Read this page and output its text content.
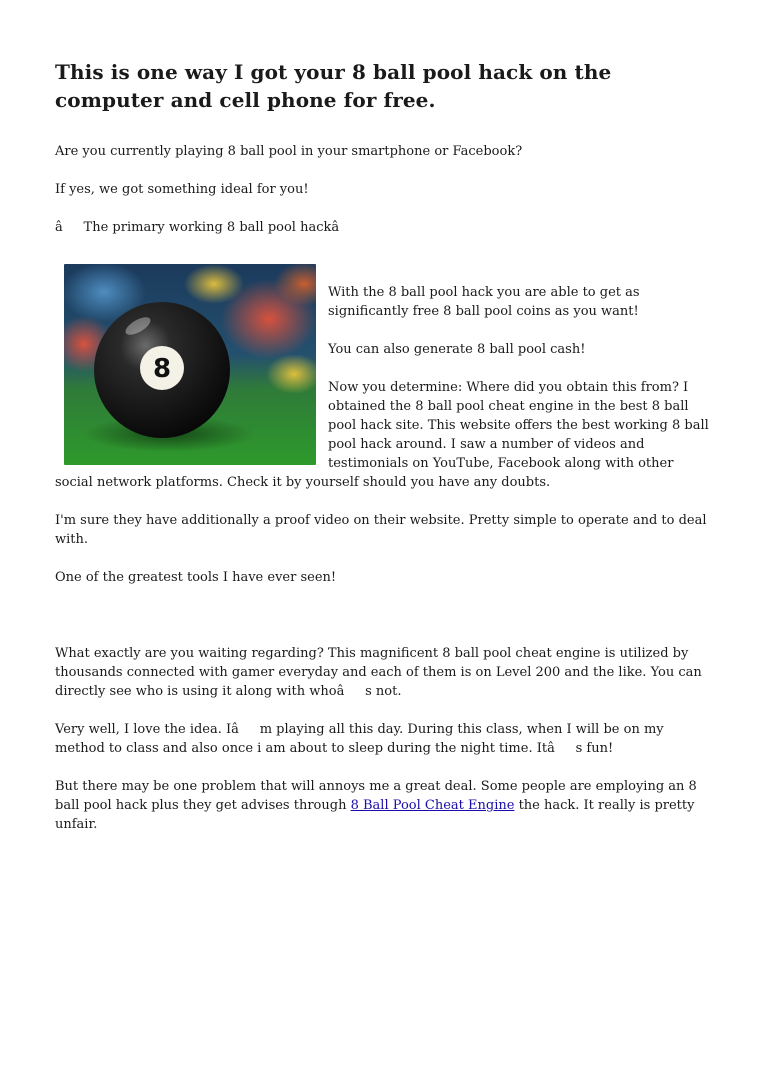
This is one way I got your 8 ball pool hack on the computer and cell phone for free.

Are you currently playing 8 ball pool in your smartphone or Facebook?

If yes, we got something ideal for you!

âThe primary working 8 ball pool hackâ

8

With the 8 ball pool hack you are able to get as significantly free 8 ball pool coins as you want!

You can also generate 8 ball pool cash!

Now you determine: Where did you obtain this from? I obtained the 8 ball pool cheat engine in the best 8 ball pool hack site. This website offers the best working 8 ball pool hack around. I saw a number of videos and testimonials on YouTube, Facebook along with other social network platforms. Check it by yourself should you have any doubts.

I'm sure they have additionally a proof video on their website. Pretty simple to operate and to deal with.

One of the greatest tools I have ever seen!

What exactly are you waiting regarding? This magnificent 8 ball pool cheat engine is utilized by thousands connected with gamer everyday and each of them is on Level 200 and the like. You can directly see who is using it along with whoâs not.

Very well, I love the idea. Iâm playing all this day. During this class, when I will be on my method to class and also once i am about to sleep during the night time. Itâs fun!

But there may be one problem that will annoys me a great deal. Some people are employing an 8 ball pool hack plus they get advises through 8 Ball Pool Cheat Engine the hack. It really is pretty unfair.
